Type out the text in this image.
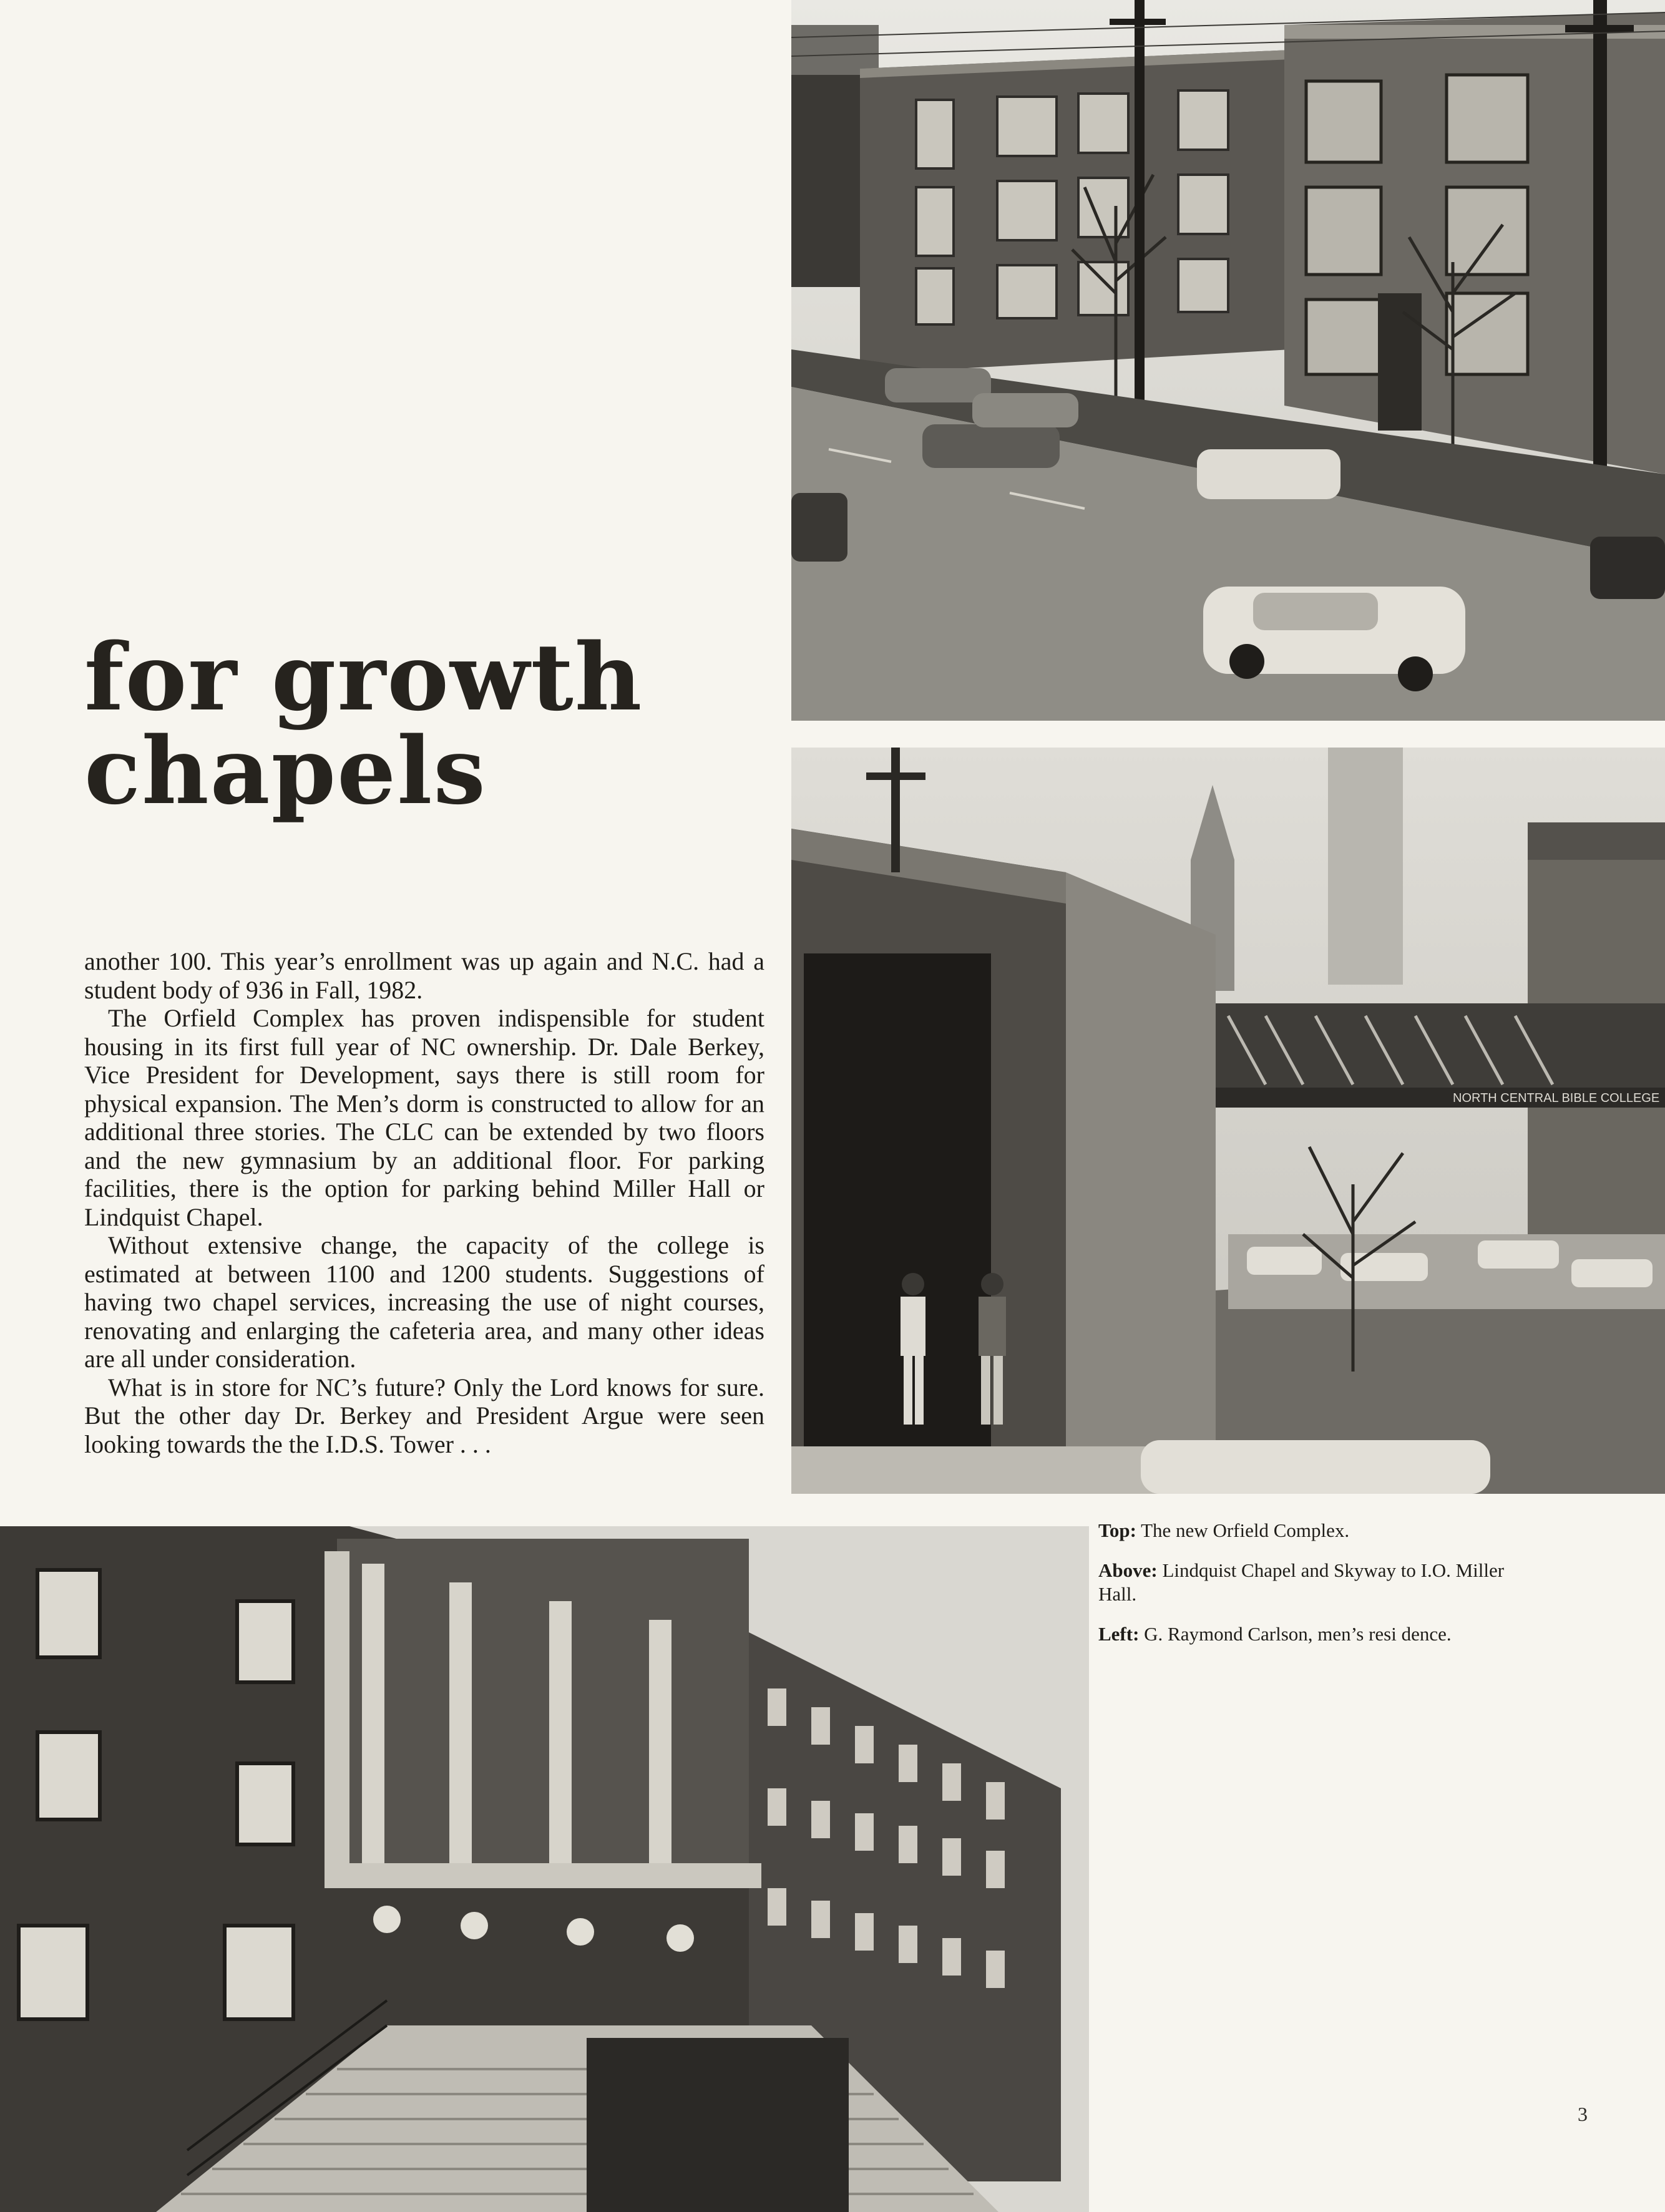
NORTH CENTRAL BIBLE COLLEGE
for growth
chapels

another 100. This year’s enrollment was up again and N.C. had a student body of 936 in Fall, 1982.

The Orfield Complex has proven indispensible for student housing in its first full year of NC ownership. Dr. Dale Berkey, Vice President for Development, says there is still room for physical expansion. The Men’s dorm is constructed to allow for an additional three stories. The CLC can be extended by two floors and the new gymnasium by an additional floor. For parking facilities, there is the option for parking behind Miller Hall or Lindquist Chapel.

Without extensive change, the capacity of the college is estimated at between 1100 and 1200 students. Suggestions of having two chapel services, increasing the use of night courses, renovating and enlarging the cafeteria area, and many other ideas are all under consideration.

What is in store for NC’s future? Only the Lord knows for sure. But the other day Dr. Berkey and President Argue were seen looking towards the the I.D.S. Tower . . .

Top: The new Orfield Complex.

Above: Lindquist Chapel and Skyway to I.O. Miller Hall.

Left: G. Raymond Carlson, men’s resi dence.

3
